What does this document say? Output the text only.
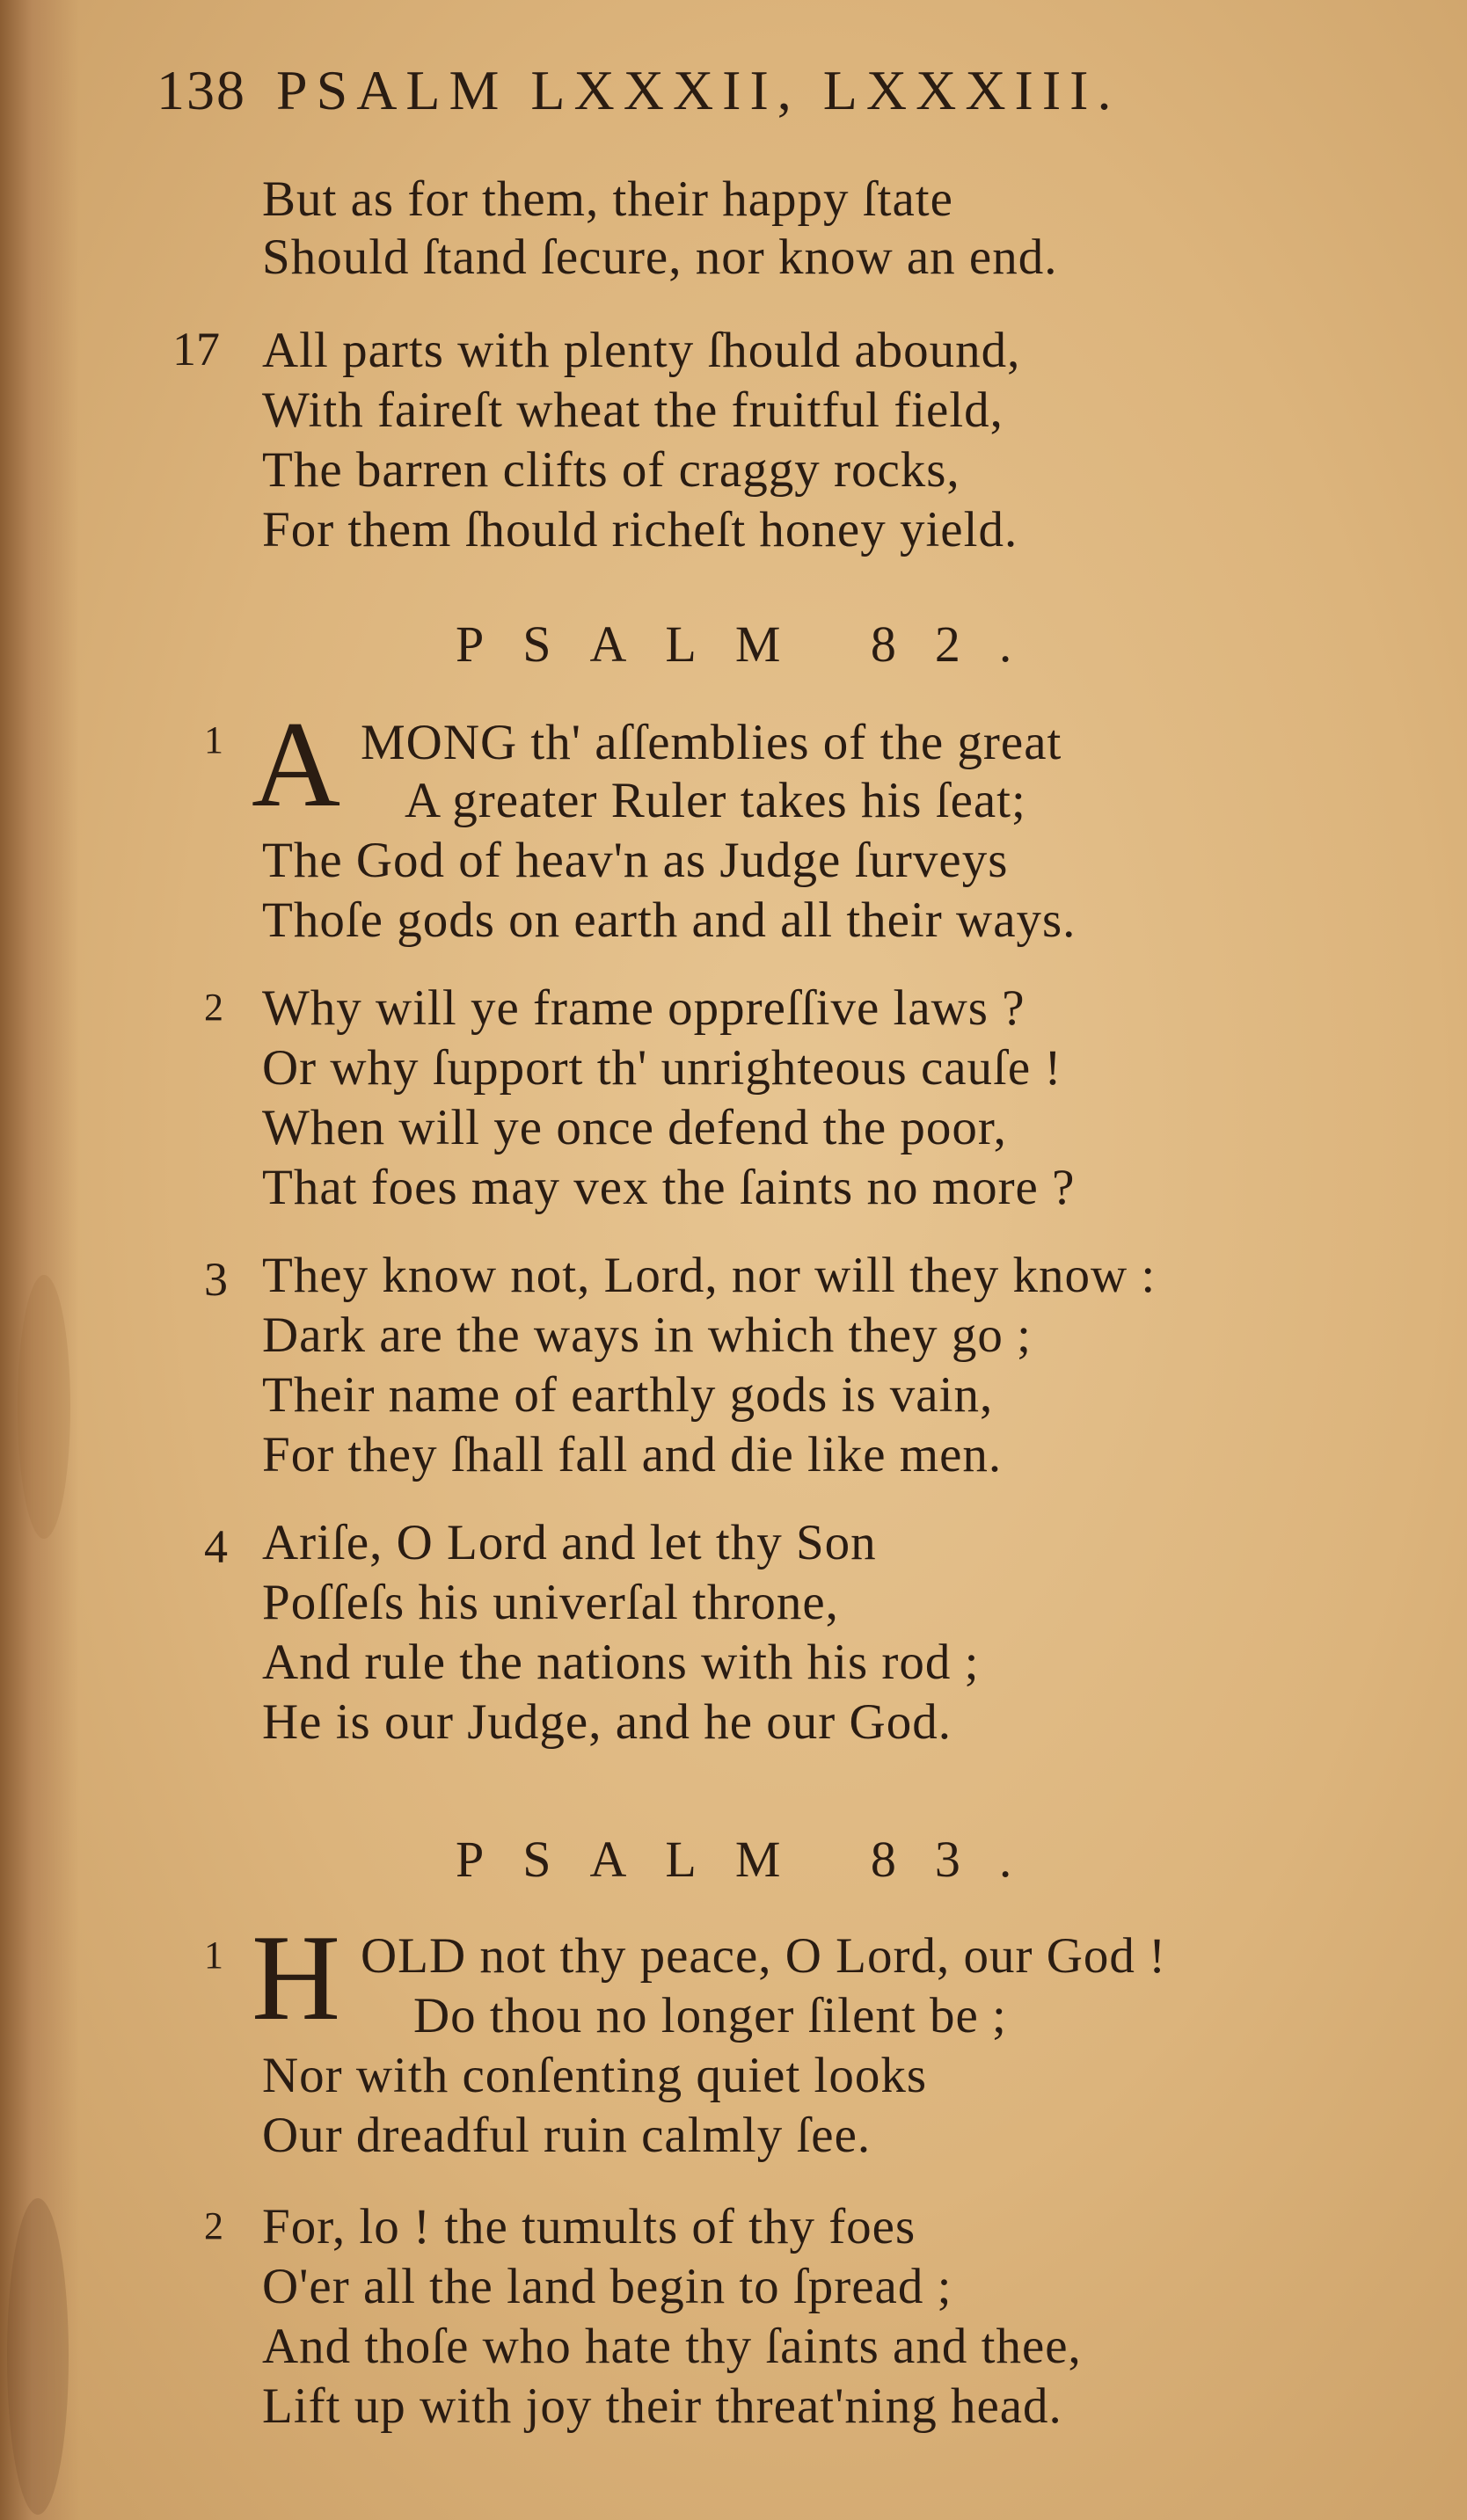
138 PSALM LXXXII, LXXXIII.
But as for them, their happy ſtate
Should ſtand ſecure, nor know an end.
17 All parts with plenty ſhould abound,
With faireſt wheat the fruitful field,
The barren clifts of craggy rocks,
For them ſhould richeſt honey yield.
PSALM 82.
1 A MONG th' aſſemblies of the great
A greater Ruler takes his ſeat;
The God of heav'n as Judge ſurveys
Thoſe gods on earth and all their ways.
2 Why will ye frame oppreſſive laws ?
Or why ſupport th' unrighteous cauſe !
When will ye once defend the poor,
That foes may vex the ſaints no more ?
3 They know not, Lord, nor will they know :
Dark are the ways in which they go ;
Their name of earthly gods is vain,
For they ſhall fall and die like men.
4 Ariſe, O Lord and let thy Son
Poſſeſs his univerſal throne,
And rule the nations with his rod ;
He is our Judge, and he our God.
PSALM 83.
1 H OLD not thy peace, O Lord, our God !
Do thou no longer ſilent be ;
Nor with conſenting quiet looks
Our dreadful ruin calmly ſee.
2 For, lo ! the tumults of thy foes
O'er all the land begin to ſpread ;
And thoſe who hate thy ſaints and thee,
Lift up with joy their threat'ning head.
